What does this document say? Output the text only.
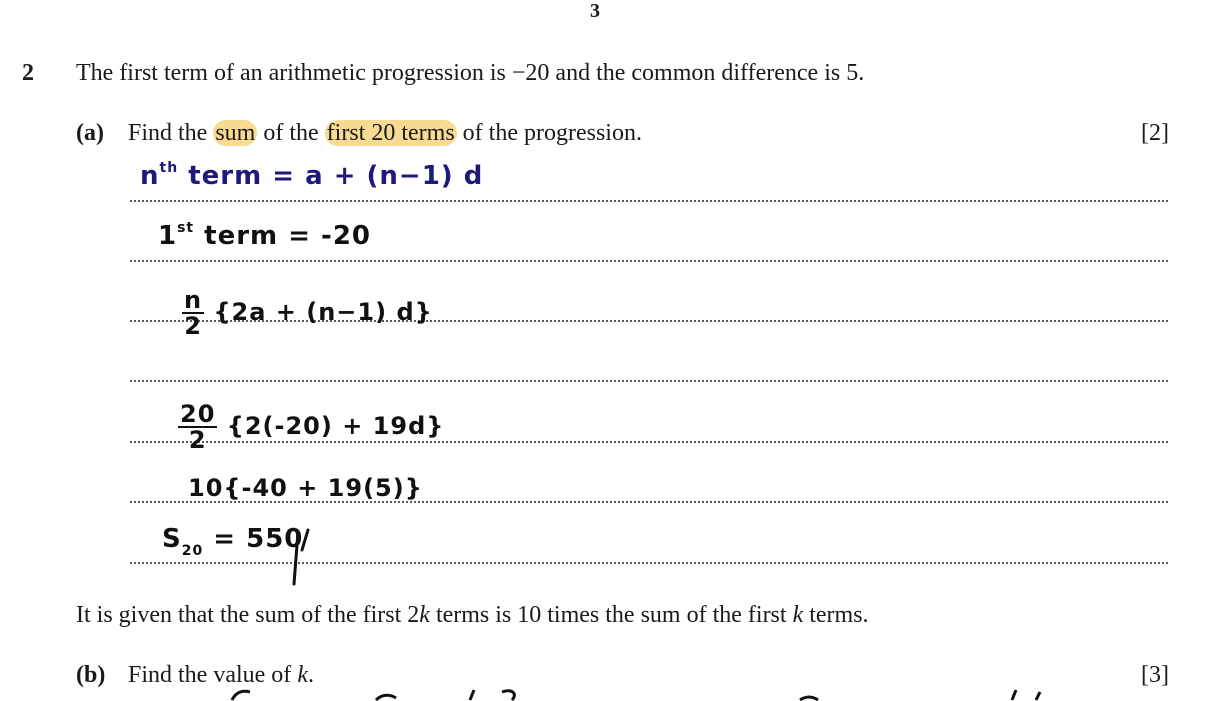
3
2 The first term of an arithmetic progression is −20 and the common difference is 5.
(a) Find the sum of the first 20 terms of the progression.	[2]
$n^{th}$ term = a + (n−1) d
1st term = -20
$\frac{n}{2} \{2a + (n-1)$ d}
$\frac{20}{2} \{2(-20) + 19d\}$
10{-40 + 19(5)}
$S_{20} = 550$
It is given that the sum of the first 2k terms is 10 times the sum of the first k terms.
(b) Find the value of k.	[3]
